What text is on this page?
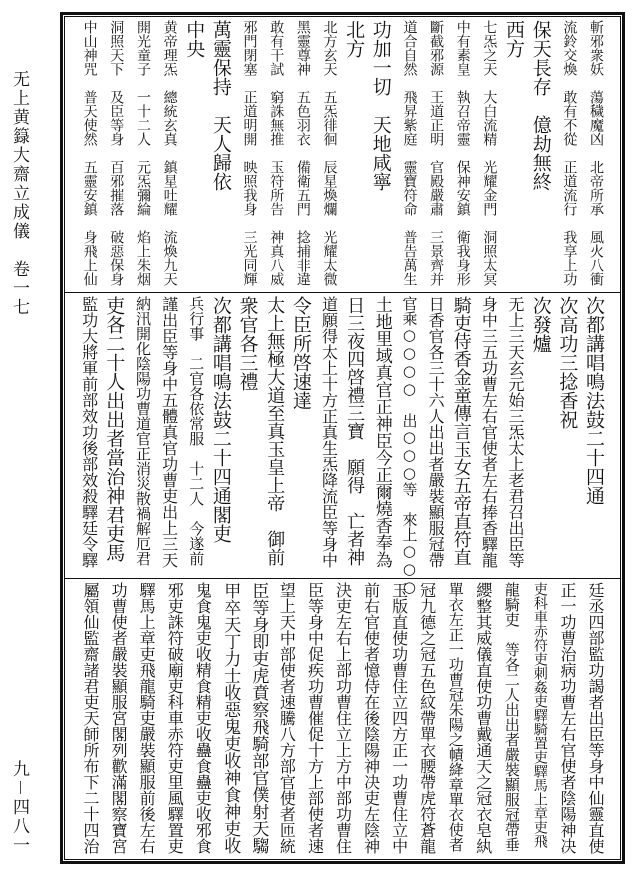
无上黄籙大齋立成儀　卷一七
九－四八一
斬邪衆妖　蕩穢魔凶　北帝所承　風火八衝
流鈴交煥　敢有不從　正道流行　我享上功
保天長存　億劫無終
西方
七炁之天　大白流精　光耀金門　洞照太冥
中有素皇　執召帝靈　保神安鎮　衛我身形
斷截邪源　王道正明　官殿嚴肅　三景齊并
道合自然　飛昇紫庭　靈寶符命　普告萬生
功加一切　天地咸寧
北方
北方玄天　五炁徘徊　辰星煥爛　光耀太微
黑靈尊神　五色羽衣　備衛五門　捻捕非違
敢有干試　窮誅無推　玉符所告　神真八威
邪門閉塞　正道明開　映照我身　三光同輝
萬靈保持　天人歸依
中央
黄帝理炁　總統玄真　鎮星吐耀　流煥九天
開光童子　一十二人　元炁彌綸　焰上朱烟
洞照天下　及臣等身　百邪摧落　破惡保身
中山神咒　普天使然　五靈安鎮　身飛上仙
次都講唱鳴法鼓二十四通
次高功三捻香祝
次發爐
无上三天玄元始三炁太上老君召出臣等
身中三五功曹左右官使者左右捧香驛龍
騎吏侍香金童傳言玉女五帝直符直
日香官各三十六人出出者嚴裝顯服冠帶
官乘○○○○　出○○○等　來上○○○
土地里域真官正神臣今正爾燒香奉為
日三夜四啓禮三寶　願得　亡者神
道願得太上十方正真生炁降流臣等身中
令臣所啓速達
太上無極大道至真玉皇上帝　御前
衆官各三禮
次都講唱鳴法鼓二十四通閣吏
兵行事　二官各依常服　十二人　今遂前
謹出臣等身中五體真官功曹吏出上三天
納汛開化陰陽功曹道官正消災散禍解厄君
吏各二十人出出者當治神君吏馬
監功大將軍前部效功後部效殺驛廷令驛
廷丞四部監功謁者出臣等身中仙靈直使
正一功曹治病功曹左右官使者陰陽神决
吏科車赤符吏刺姦吏驛騎置吏驛馬上章吏飛
龍騎吏　等各二人出出者嚴裝顯服冠帶垂
纓整其威儀直使功曹戴通天之冠衣皂紈
單衣左正一功曹冠朱陽之幘絳章單衣使者
冠九德之冠五色紋帶單衣腰帶虎符蒼龍
玉版直使功曹住立四方正一功曹住立中
前右官使者憶侍在後陰陽神决吏左陰神
決吏左右上部功曹住立上方中部功曹住
臣等身中促疾功曹催促十方上部使者速
望上天中部使者速騰八方部官使者匝統
臣等身即吏虎賁察飛騎部官僕射天騶
甲卒天丁力士收惡鬼吏收神食神吏收
鬼食鬼吏收精食精吏收蠱食蠱吏收邪食
邪吏誅符破廟吏科車赤符吏里風驛置吏
驛馬上章吏飛龍騎吏嚴裝顯服前後左右
功曹使者嚴裝顯服宮閣列歡滿閣察寶宮
屬領仙監齋諸君吏天師所布下二十四治
